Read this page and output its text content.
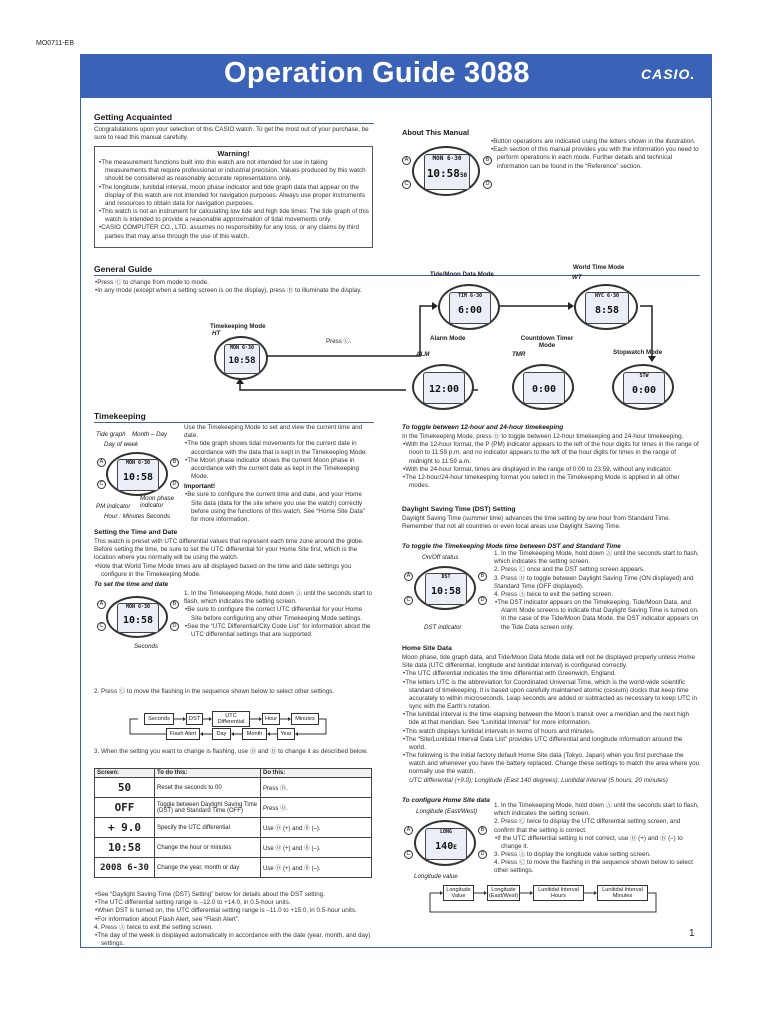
MO0711-EB
Operation Guide 3088	CASIO.
Getting Acquainted
Congratulations upon your selection of this CASIO watch. To get the most out of your purchase, be sure to read this manual carefully.
Warning!
• The measurement functions built into this watch are not intended for use in taking measurements that require professional or industrial precision. Values produced by this watch should be considered as reasonably accurate representations only.
• The longitude, lunitidal interval, moon phase indicator and tide graph data that appear on the display of this watch are not intended for navigation purposes. Always use proper instruments and resources to obtain data for navigation purposes.
• This watch is not an instrument for calculating low tide and high tide times. The tide graph of this watch is intended to provide a reasonable approximation of tidal movements only.
• CASIO COMPUTER CO., LTD. assumes no responsibility for any loss, or any claims by third parties that may arise through the use of this watch.
About This Manual
MON 6·30
10:5850
A	B
C	D
• Button operations are indicated using the letters shown in the illustration.
• Each section of this manual provides you with the information you need to perform operations in each mode. Further details and technical information can be found in the “Reference” section.
General Guide
• Press Ⓒ to change from mode to mode.
• In any mode (except when a setting screen is on the display), press Ⓑ to illuminate the display.
Press Ⓒ.
Timekeeping Mode
MON 6·30
10:58
HT
Tide/Moon Data Mode
TIM 6·30
6:00
World Time Mode
WT
NYC 6·30
8:58
Stopwatch Mode
STW
0:00
Countdown Timer Mode
TMR
0:00
Alarm Mode
ALM
12:00
Timekeeping
Tide graph Month – Day
Day of week
MON 6·30
10:58
A	B
C	D
PM indicator
Moon phase indicator
Hour : Minutes Seconds

Use the Timekeeping Mode to set and view the current time and date.

• The tide graph shows tidal movements for the current date in accordance with the data that is kept in the Timekeeping Mode.
• The Moon phase indicator shows the current Moon phase in accordance with the current date as kept in the Timekeeping Mode.

Important!

• Be sure to configure the current time and date, and your Home Site data (data for the site where you use the watch) correctly before using the functions of this watch. See “Home Site Data” for more information.
Setting the Time and Date

This watch is preset with UTC differential values that represent each time zone around the globe. Before setting the time, be sure to set the UTC differential for your Home Site first, which is the location where you normally will be using the watch.

• Note that World Time Mode times are all displayed based on the time and date settings you configure in the Timekeeping Mode.
To set the time and date
MON 6·30
10:58
A	B
C	D
Seconds

1. In the Timekeeping Mode, hold down Ⓐ until the seconds start to flash, which indicates the setting screen.

• Be sure to configure the correct UTC differential for your Home Site before configuring any other Timekeeping Mode settings.
• See the “UTC Differential/City Code List” for information about the UTC differential settings that are supported.
2. Press Ⓒ to move the flashing in the sequence shown below to select other settings.
Seconds	DST
UTC Differential
Hour	Minutes
Flash Alert	Day	Month	Year
3. When the setting you want to change is flashing, use Ⓓ and Ⓑ to change it as described below.
Screen:	To do this:	Do this:
50	Reset the seconds to 00	Press Ⓓ.
OFF	Toggle between Daylight Saving Time (DST) and Standard Time (OFF)	Press Ⓓ.
+ 9.0	Specify the UTC differential	Use Ⓓ (+) and Ⓑ (–).
10:58	Change the hour or minutes	Use Ⓓ (+) and Ⓑ (–).
2008 6-30	Change the year, month or day	Use Ⓓ (+) and Ⓑ (–).
• See “Daylight Saving Time (DST) Setting” below for details about the DST setting.
• The UTC differential setting range is –12.0 to +14.0, in 0.5-hour units.
• When DST is turned on, the UTC differential setting range is –11.0 to +15.0, in 0.5-hour units.
• For information about Flash Alert, see “Flash Alert”.

4. Press Ⓐ twice to exit the setting screen.

• The day of the week is displayed automatically in accordance with the date (year, month, and day) settings.
To toggle between 12-hour and 24-hour timekeeping

In the Timekeeping Mode, press Ⓓ to toggle between 12-hour timekeeping and 24-hour timekeeping.

• With the 12-hour format, the P (PM) indicator appears to the left of the hour digits for times in the range of noon to 11:59 p.m. and no indicator appears to the left of the hour digits for times in the range of midnight to 11:59 a.m.
• With the 24-hour format, times are displayed in the range of 0:00 to 23:59, without any indicator.
• The 12-hour/24-hour timekeeping format you select in the Timekeeping Mode is applied in all other modes.
Daylight Saving Time (DST) Setting
Daylight Saving Time (summer time) advances the time setting by one hour from Standard Time. Remember that not all countries or even local areas use Daylight Saving Time.
To toggle the Timekeeping Mode time between DST and Standard Time
On/Off status
DST
10:58
A	B
C	D
DST indicator

1. In the Timekeeping Mode, hold down Ⓐ until the seconds start to flash, which indicates the setting screen.

2. Press Ⓒ once and the DST setting screen appears.

3. Press Ⓓ to toggle between Daylight Saving Time (ON displayed) and Standard Time (OFF displayed).

4. Press Ⓐ twice to exit the setting screen.

• The DST indicator appears on the Timekeeping, Tide/Moon Data, and Alarm Mode screens to indicate that Daylight Saving Time is turned on. In the case of the Tide/Moon Data Mode, the DST indicator appears on the Tide Data screen only.
Home Site Data

Moon phase, tide graph data, and Tide/Moon Data Mode data will not be displayed properly unless Home Site data (UTC differential, longitude and lunitidal interval) is configured correctly.

• The UTC differential indicates the time differential with Greenwich, England.
• The letters UTC is the abbreviation for Coordinated Universal Time, which is the world-wide scientific standard of timekeeping. It is based upon carefully maintained atomic (cesium) clocks that keep time accurately to within microseconds. Leap seconds are added or subtracted as necessary to keep UTC in sync with the Earth’s rotation.
• The lunitidal interval is the time elapsing between the Moon’s transit over a meridian and the next high tide at that meridian. See “Lunitidal Interval” for more information.
• This watch displays lunitidal intervals in terms of hours and minutes.
• The “Site/Lunitidal Interval Data List” provides UTC differential and longitude information around the world.
• The following is the initial factory default Home Site data (Tokyo, Japan) when you first purchase the watch and whenever you have the battery replaced. Change these settings to match the area where you normally use the watch.

UTC differential (+9.0); Longitude (East 140 degrees); Lunitidal interval (5 hours, 20 minutes)

To configure Home Site data
Longitude (East/West)
LONG
140E
A	B
C	D
Longitude value

1. In the Timekeeping Mode, hold down Ⓐ until the seconds start to flash, which indicates the setting screen.

2. Press Ⓒ twice to display the UTC differential setting screen, and confirm that the setting is correct.

• If the UTC differential setting is not correct, use Ⓓ (+) and Ⓑ (–) to change it.

3. Press Ⓐ to display the longitude value setting screen.

4. Press Ⓒ to move the flashing in the sequence shown below to select other settings.

Longitude Value
Longitude (East/West)
Lunitidal Interval Hours
Lunitidal Interval Minutes
1
